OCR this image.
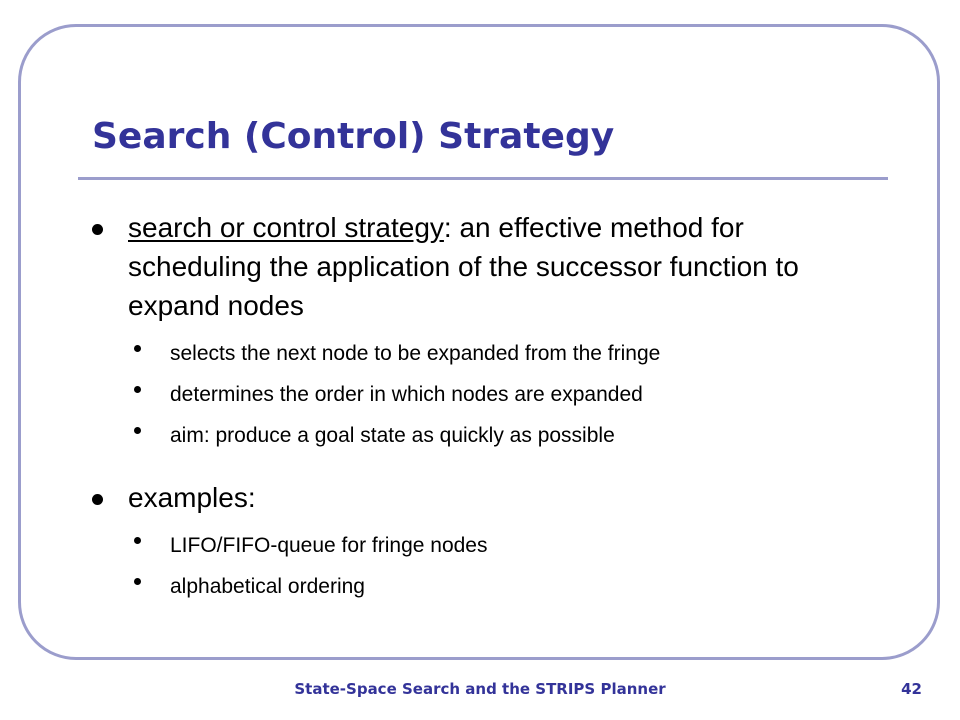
Search (Control) Strategy
search or control strategy: an effective method for scheduling the application of the successor function to expand nodes
selects the next node to be expanded from the fringe
determines the order in which nodes are expanded
aim: produce a goal state as quickly as possible
examples:
LIFO/FIFO-queue for fringe nodes
alphabetical ordering
State-Space Search and the STRIPS Planner	42
